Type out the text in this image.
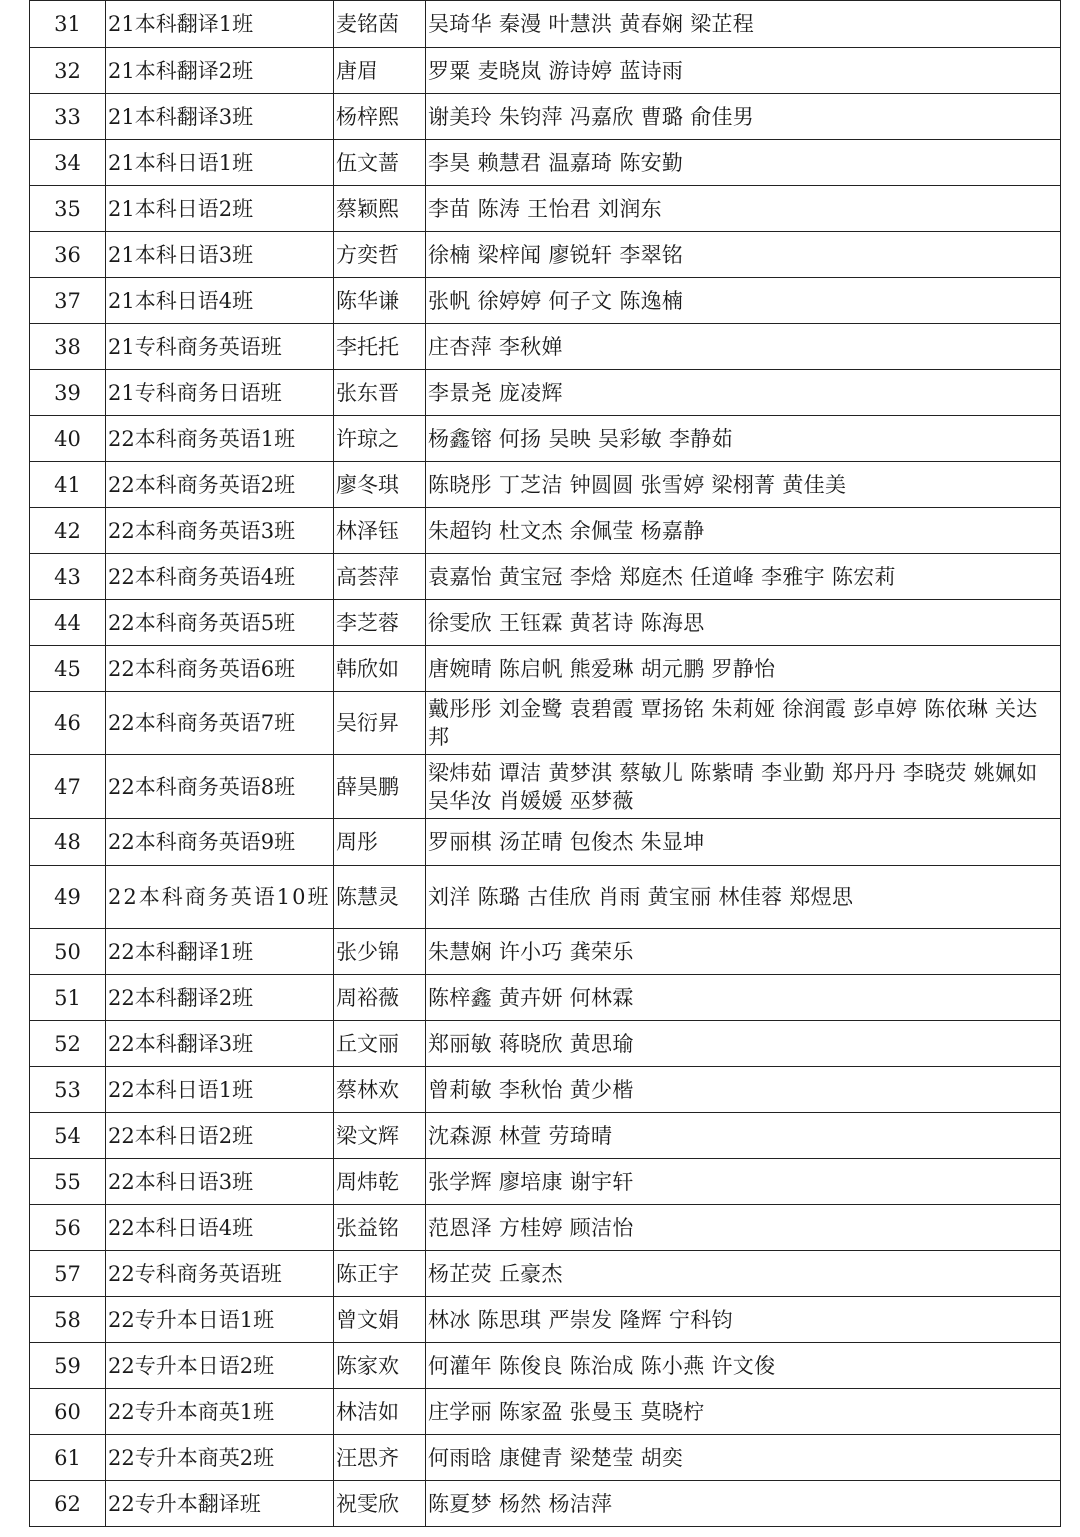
31	21本科翻译1班	麦铭茵	吴琦华 秦漫 叶慧洪 黄春娴 梁芷程
32	21本科翻译2班	唐眉	罗粟 麦晓岚 游诗婷 蓝诗雨
33	21本科翻译3班	杨梓熙	谢美玲 朱钧萍 冯嘉欣 曹璐 俞佳男
34	21本科日语1班	伍文蔷	李昊 赖慧君 温嘉琦 陈安勤
35	21本科日语2班	蔡颖熙	李苗 陈涛 王怡君 刘润东
36	21本科日语3班	方奕哲	徐楠 梁梓闻 廖锐轩 李翠铭
37	21本科日语4班	陈华谦	张帆 徐婷婷 何子文 陈逸楠
38	21专科商务英语班	李托托	庄杏萍 李秋婵
39	21专科商务日语班	张东晋	李景尧 庞凌辉
40	22本科商务英语1班	许琼之	杨鑫镕 何扬 吴映 吴彩敏 李静茹
41	22本科商务英语2班	廖冬琪	陈晓彤 丁芝洁 钟圆圆 张雪婷 梁栩菁 黄佳美
42	22本科商务英语3班	林泽钰	朱超钧 杜文杰 余佩莹 杨嘉静
43	22本科商务英语4班	高荟萍	袁嘉怡 黄宝冠 李焓 郑庭杰 任道峰 李雅宇 陈宏莉
44	22本科商务英语5班	李芝蓉	徐雯欣 王钰霖 黄茗诗 陈海思
45	22本科商务英语6班	韩欣如	唐婉晴 陈启帆 熊爱琳 胡元鹏 罗静怡
46	22本科商务英语7班	吴衍昇	戴彤彤 刘金鹭 袁碧霞 覃扬铭 朱莉娅 徐润霞 彭卓婷 陈依琳 关达邦
47	22本科商务英语8班	薛昊鹏	梁炜茹 谭洁 黄梦淇 蔡敏儿 陈紫晴 李业勤 郑丹丹 李晓荧 姚姵如 吴华汝 肖媛媛 巫梦薇
48	22本科商务英语9班	周彤	罗丽棋 汤芷晴 包俊杰 朱显坤
49	22本科商务英语10班	陈慧灵	刘洋 陈璐 古佳欣 肖雨 黄宝丽 林佳蓉 郑煜思
50	22本科翻译1班	张少锦	朱慧娴 许小巧 龚荣乐
51	22本科翻译2班	周裕薇	陈梓鑫 黄卉妍 何林霖
52	22本科翻译3班	丘文丽	郑丽敏 蒋晓欣 黄思瑜
53	22本科日语1班	蔡林欢	曾莉敏 李秋怡 黄少楷
54	22本科日语2班	梁文辉	沈森源 林萱 劳琦晴
55	22本科日语3班	周炜乾	张学辉 廖培康 谢宇轩
56	22本科日语4班	张益铭	范恩泽 方桂婷 顾洁怡
57	22专科商务英语班	陈正宇	杨芷荧 丘豪杰
58	22专升本日语1班	曾文娟	林冰 陈思琪 严崇发 隆辉 宁科钧
59	22专升本日语2班	陈家欢	何灌年 陈俊良 陈治成 陈小燕 许文俊
60	22专升本商英1班	林洁如	庄学丽 陈家盈 张曼玉 莫晓柠
61	22专升本商英2班	汪思齐	何雨晗 康健青 梁楚莹 胡奕
62	22专升本翻译班	祝雯欣	陈夏梦 杨然 杨洁萍
